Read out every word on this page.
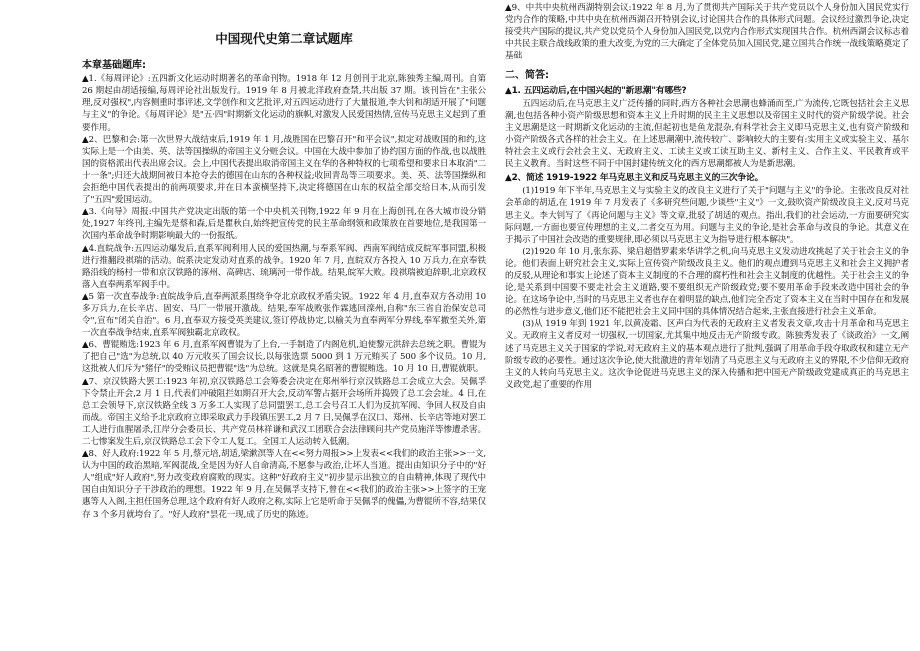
中国现代史第二章试题库
本章基础题库:

▲1.《每周评论》:五四新文化运动时期著名的革命刊物。1918 年 12 月创刊于北京,陈独秀主编,周刊。自第 26 期起由胡适接编,每周评论社出版发行。1919 年 8 月被北洋政府查禁,共出版 37 期。该刊旨在"主张公理,反对强权",内容侧重时事评述,文学创作和文艺批评,对五四运动进行了大量报道,李大钊和胡适开展了"问题与主义"的争论。《每周评论》是"五·四"时期新文化运动的旗帜,对激发人民爱国热情,宣传马克思主义起到了重要作用。

▲2、巴黎和会:第一次世界大战结束后,1919 年 1 月,战胜国在巴黎召开"和平会议",拟定对战败国的和约,这实际上是一个由美、英、法等国操纵的帝国主义分赃会议。中国在大战中参加了协约国方面的作战,也以战胜国的资格派出代表出席会议。会上,中国代表提出取消帝国主义在华的各种特权的七项希望和要求日本取消"二十一条";归还大战期间被日本抢夺去的德国在山东的各种权益;收回青岛等三项要求。美、英、法等国操纵和会拒绝中国代表提出的前两项要求,并在日本蛮横坚持下,决定将德国在山东的权益全部交给日本,从而引发了"五四"爱国运动。

▲3.《向导》周报:中国共产党决定出版的第一个中央机关刊物,1922 年 9 月在上海创刊,在各大城市设分销处,1927 年终刊,主编先是蔡和森,后是瞿秋白,始终把宣传党的民主革命纲领和政策放在首要地位,是我国第一次国内革命战争时期影响最大的一份报纸。

▲4.直皖战争:五四运动爆发后,直系军阀利用人民的爱国热潮,与奉系军阀、西南军阀结成反皖军事同盟,积极进行推翻段祺瑞的活动。皖系决定发动对直系的战争。1920 年 7 月, 直皖双方各投入 10 万兵力,在京奉铁路沿线的杨村一带和京汉铁路的涿州、高碑店、琉璃河一带作战。结果,皖军大败。段祺瑞被迫辞职,北京政权落入直奉两系军阀手中。

▲5 第一次直奉战争:直皖战争后,直奉两派系围绕争夺北京政权矛盾尖锐。1922 年 4 月,直奉双方各动用 10 多万兵力,在长辛店、固安、马厂一带展开激战。结果,奉军战败张作霖逃回滦州,自称"东三省自治保安总司令",宣布"闭关自治"。6 月,直奉双方接受英美建议,签订停战协定,以榆关为直奉两军分界线,奉军撤至关外,第一次直奉战争结束,直系军阀独霸北京政权。

▲6、曹锟贿选:1923 年 6 月,直系军阀曹锟为了上台,一手制造了内阁危机,迫使黎元洪辞去总统之职。曹锟为了把自己"选"为总统,以 40 万元收买了国会议长,以每张选票 5000 到 1 万元贿买了 500 多个议员。10 月,这批被人们斥为"猪仔"的受贿议员把曹锟"选"为总统。这就是臭名昭著的曹锟贿选。10 月 10 日,曹锟就职。

▲7、京汉铁路大罢工:1923 年初,京汉铁路总工会筹委会决定在郑州举行京汉铁路总工会成立大会。吴佩孚下令禁止开会,2 月 1 日,代表们冲破阻拦如期召开大会,反动军警占据开会场所并捣毁了总工会会址。4 日,在总工会领导下,京汉铁路全线 3 万多工人实现了总同盟罢工,总工会号召工人们为反抗军阀、争回人权及自由而战。帝国主义给予北京政府立即采取武力手段镇压罢工,2 月 7 日,吴佩孚在汉口、郑州、长辛店等地对罢工工人进行血腥屠杀,江岸分会委员长、共产党员林祥谦和武汉工团联合会法律顾问共产党员施洋等惨遭杀害。二七惨案发生后,京汉铁路总工会下令工人复工。全国工人运动转入低潮。

▲8、好人政府:1922 年 5 月,蔡元培,胡适,梁漱溟等人在<<努力周报>>上发表<<我们的政治主张>>一文,认为中国的政治黑暗,军阀混战,全是因为好人自命清高,不愿参与政治,让坏人当道。提出由知识分子中的"好人"组成"好人政府",努力改变政府腐败的现实。这种"好政府主义"初步显示出独立的自由精神,体现了现代中国自由知识分子干涉政治的理想。1922 年 9 月,在吴佩孚支持下,曾在<<我们的政治主张>>上签字的王宠惠等人入阁,主担任国务总理,这个政府有好人政府之称,实际上它是听命于吴佩孚的傀儡,为曹锟所不容,结果仅存 3 个多月就垮台了。"好人政府"昙花一现,成了历史的陈迹。

▲9、中共中央杭州西湖特别会议:1922 年 8 月,为了贯彻共产国际关于共产党员以个人身份加入国民党实行党内合作的策略,中共中央在杭州西湖召开特别会议,讨论国共合作的具体形式问题。会议经过激烈争论,决定接受共产国际的提议,共产党以党员个人身份加入国民党,以党内合作形式实现国共合作。杭州西湖会议标志着中共民主联合战线政策的重大改变,为党的三大确定了全体党员加入国民党,建立国共合作统一战线策略奠定了基础

二、简答:
▲1. 五四运动后,在中国兴起的"新思潮"有哪些?

五四运动后,在马克思主义广泛传播的同时,西方各种社会思潮也蜂涌而至,广为流传,它既包括社会主义思潮,也包括各种小资产阶级思想和资本主义上升时期的民主主义思想以及帝国主义时代的资产阶级学说。社会主义思潮是这一时期新文化运动的主流,但起初也是鱼龙混杂,有科学社会主义即马克思主义,也有资产阶级和小资产阶级各式各样的社会主义。在上述思潮潮中,流传较广、影响较大的主要有:实用主义或实验主义、基尔特社会主义或行会社会主义、无政府主义、工读主义或工读互助主义、新村主义、合作主义、平民教育或平民主义教育。当时这些不同于中国封建传统文化的西方思潮都被人为是新思潮。

▲2、简述 1919-1922 年马克思主义和反马克思主义的三次争论。

(1)1919 年下半年,马克思主义与实验主义的改良主义进行了关于"问题与主义"的争论。主张改良反对社会革命的胡适,在 1919 年 7 月发表了《多研究些问题,少谈些"主义"》一文,鼓吹资产阶级改良主义,反对马克思主义。李大钊写了《再论问题与主义》等文章,批驳了胡适的观点。指出,我们的社会运动,一方面要研究实际问题,一方面也要宣传理想的主义,二者交互为用。问题与主义的争论,是社会革命与改良的争论。其意义在于揭示了中国社会改造的重要规律,即必须以马克思主义为指导进行根本解决"。

(2)1920 年 10 月,张东荪、梁启超借罗素来华讲学之机,向马克思主义发动进攻挑起了关于社会主义的争论。他们表面上研究社会主义,实际上宣传资产阶级改良主义。他们的观点遭到马克思主义和社会主义拥护者的反驳,从理论和事实上论述了资本主义制度的不合理的腐朽性和社会主义制度的优越性。关于社会主义的争论,是关系到中国要不要走社会主义道路,要不要组织无产阶级政党;要不要用革命手段来改造中国社会的争论。在这场争论中,当时的马克思主义者也存在着明显的缺点,他们完全否定了资本主义在当时中国存在和发展的必然性与进步意义,他们还不能把社会主义同中国的具体情况结合起来,主张直接进行社会主义革命。

(3)从 1919 年到 1921 年,以黄凌霜、区声白为代表的无政府主义者发表文章,攻击十月革命和马克思主义。无政府主义者反对一切强权,一切国家,尤其集中地反击无产阶级专政。陈独秀发表了《谈政治》一文,阐述了马克思主义关于国家的学说,对无政府主义的基本观点进行了批判,强调了用革命手段夺取政权和建立无产阶级专政的必要性。通过这次争论,使大批激进的青年划清了马克思主义与无政府主义的界限,不少信仰无政府主义的人转向马克思主义。这次争论促进马克思主义的深入传播和把中国无产阶级政党建成真正的马克思主义政党,起了重要的作用
